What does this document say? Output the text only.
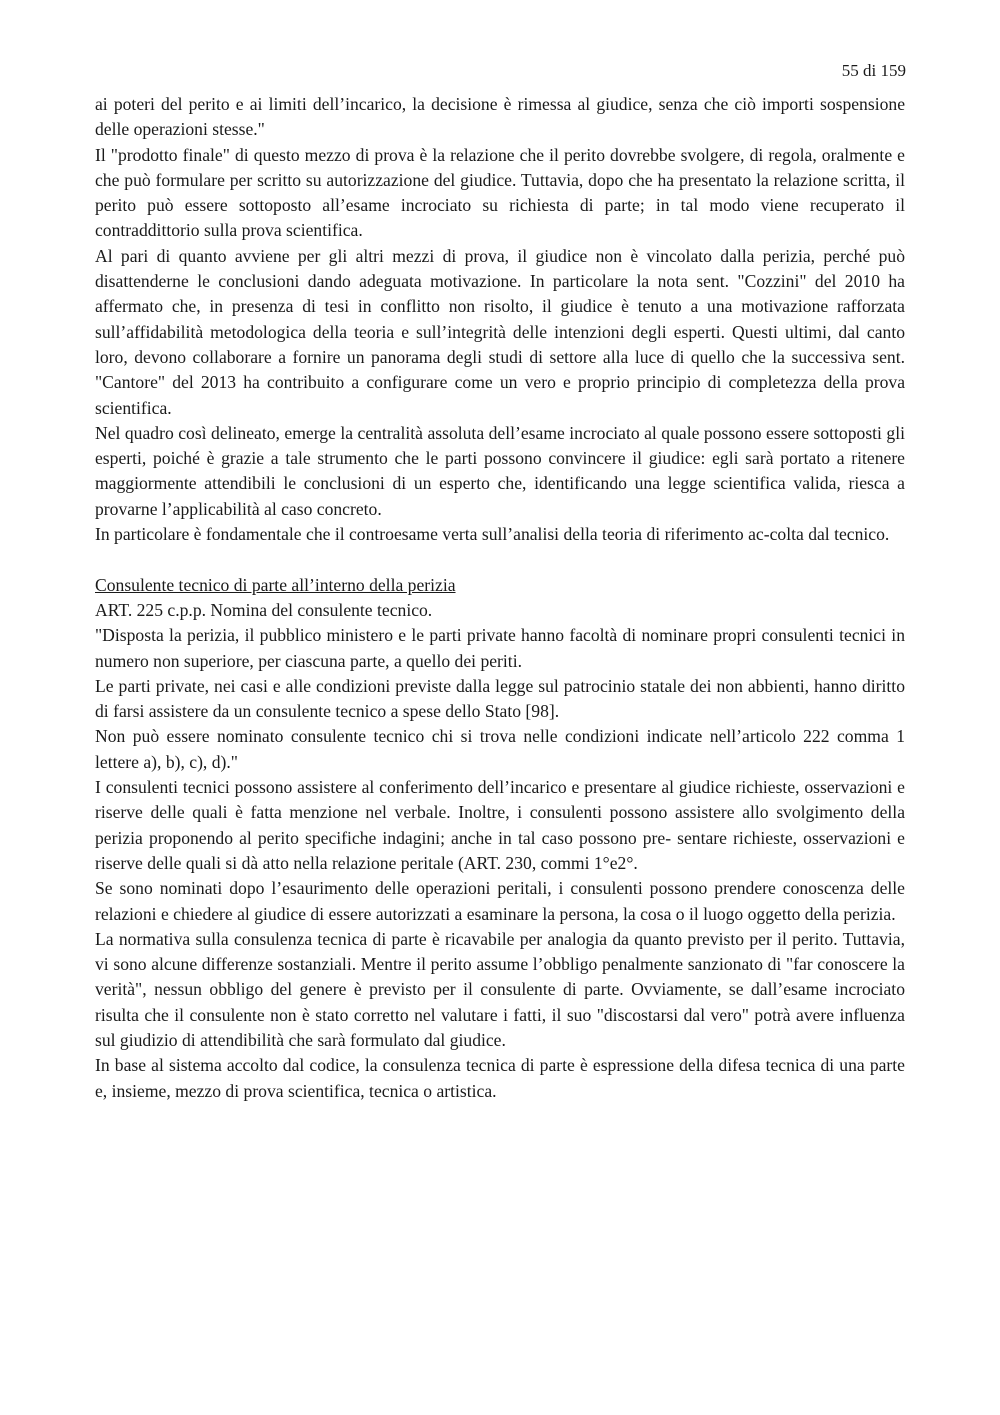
55 di 159

ai poteri del perito e ai limiti dell’incarico, la decisione è rimessa al giudice, senza che ciò importi sospensione delle operazioni stesse."

Il "prodotto finale" di questo mezzo di prova è la relazione che il perito dovrebbe svolgere, di regola, oralmente e che può formulare per scritto su autorizzazione del giudice. Tuttavia, dopo che ha presentato la relazione scritta, il perito può essere sottoposto all’esame incrociato su richiesta di parte; in tal modo viene recuperato il contraddittorio sulla prova scientifica.

Al pari di quanto avviene per gli altri mezzi di prova, il giudice non è vincolato dalla perizia, perché può disattenderne le conclusioni dando adeguata motivazione. In particolare la nota sent. "Cozzini" del 2010 ha affermato che, in presenza di tesi in conflitto non risolto, il giudice è tenuto a una motivazione rafforzata sull’affidabilità metodologica della teoria e sull’integrità delle intenzioni degli esperti. Questi ultimi, dal canto loro, devono collaborare a fornire un panorama degli studi di settore alla luce di quello che la successiva sent. "Cantore" del 2013 ha contribuito a configurare come un vero e proprio principio di completezza della prova scientifica.

Nel quadro così delineato, emerge la centralità assoluta dell’esame incrociato al quale possono essere sottoposti gli esperti, poiché è grazie a tale strumento che le parti possono convincere il giudice: egli sarà portato a ritenere maggiormente attendibili le conclusioni di un esperto che, identificando una legge scientifica valida, riesca a provarne l’applicabilità al caso concreto.

In particolare è fondamentale che il controesame verta sull’analisi della teoria di riferimento ac-colta dal tecnico.

Consulente tecnico di parte all’interno della perizia

ART. 225 c.p.p. Nomina del consulente tecnico.

"Disposta la perizia, il pubblico ministero e le parti private hanno facoltà di nominare propri consulenti tecnici in numero non superiore, per ciascuna parte, a quello dei periti.

Le parti private, nei casi e alle condizioni previste dalla legge sul patrocinio statale dei non abbienti, hanno diritto di farsi assistere da un consulente tecnico a spese dello Stato [98].

Non può essere nominato consulente tecnico chi si trova nelle condizioni indicate nell’articolo 222 comma 1 lettere a), b), c), d)."

I consulenti tecnici possono assistere al conferimento dell’incarico e presentare al giudice richieste, osservazioni e riserve delle quali è fatta menzione nel verbale. Inoltre, i consulenti possono assistere allo svolgimento della perizia proponendo al perito specifiche indagini; anche in tal caso possono pre- sentare richieste, osservazioni e riserve delle quali si dà atto nella relazione peritale (ART. 230, commi 1°e2°.

Se sono nominati dopo l’esaurimento delle operazioni peritali, i consulenti possono prendere conoscenza delle relazioni e chiedere al giudice di essere autorizzati a esaminare la persona, la cosa o il luogo oggetto della perizia.

La normativa sulla consulenza tecnica di parte è ricavabile per analogia da quanto previsto per il perito. Tuttavia, vi sono alcune differenze sostanziali. Mentre il perito assume l’obbligo penalmente sanzionato di "far conoscere la verità", nessun obbligo del genere è previsto per il consulente di parte. Ovviamente, se dall’esame incrociato risulta che il consulente non è stato corretto nel valutare i fatti, il suo "discostarsi dal vero" potrà avere influenza sul giudizio di attendibilità che sarà formulato dal giudice.

In base al sistema accolto dal codice, la consulenza tecnica di parte è espressione della difesa tecnica di una parte e, insieme, mezzo di prova scientifica, tecnica o artistica.
